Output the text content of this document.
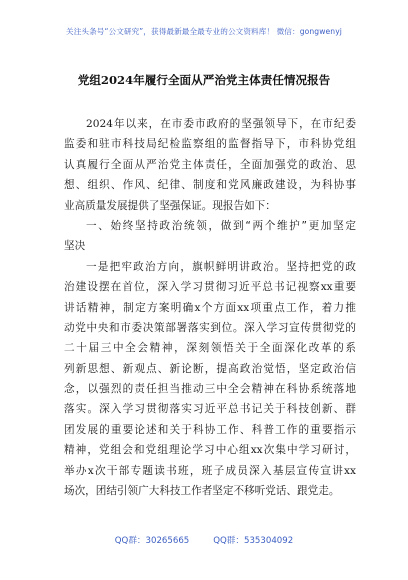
关注头条号“公文研究”，获得最新最全最专业的公文资料库！ 微信：gongwenyj
党组2024年履行全面从严治党主体责任情况报告
2024年以来，在市委市政府的坚强领导下，在市纪委
监委和驻市科技局纪检监察组的监督指导下，市科协党组
认真履行全面从严治党主体责任，全面加强党的政治、思
想、组织、作风、纪律、制度和党风廉政建设，为科协事
业高质量发展提供了坚强保证。现报告如下：
一、始终坚持政治统领，做到“两个维护”更加坚定
坚决
一是把牢政治方向，旗帜鲜明讲政治。坚持把党的政
治建设摆在首位，深入学习贯彻习近平总书记视察xx重要
讲话精神，制定方案明确x个方面xx项重点工作，着力推
动党中央和市委决策部署落实到位。深入学习宣传贯彻党的
二十届三中全会精神，深刻领悟关于全面深化改革的系
列新思想、新观点、新论断，提高政治觉悟，坚定政治信
念，以强烈的责任担当推动三中全会精神在科协系统落地
落实。深入学习贯彻落实习近平总书记关于科技创新、群
团发展的重要论述和关于科协工作、科普工作的重要指示
精神，党组会和党组理论学习中心组xx次集中学习研讨，
举办x次干部专题读书班，班子成员深入基层宣传宣讲xx
场次，团结引领广大科技工作者坚定不移听党话、跟党走。
QQ群：30265665	QQ群：535304092
